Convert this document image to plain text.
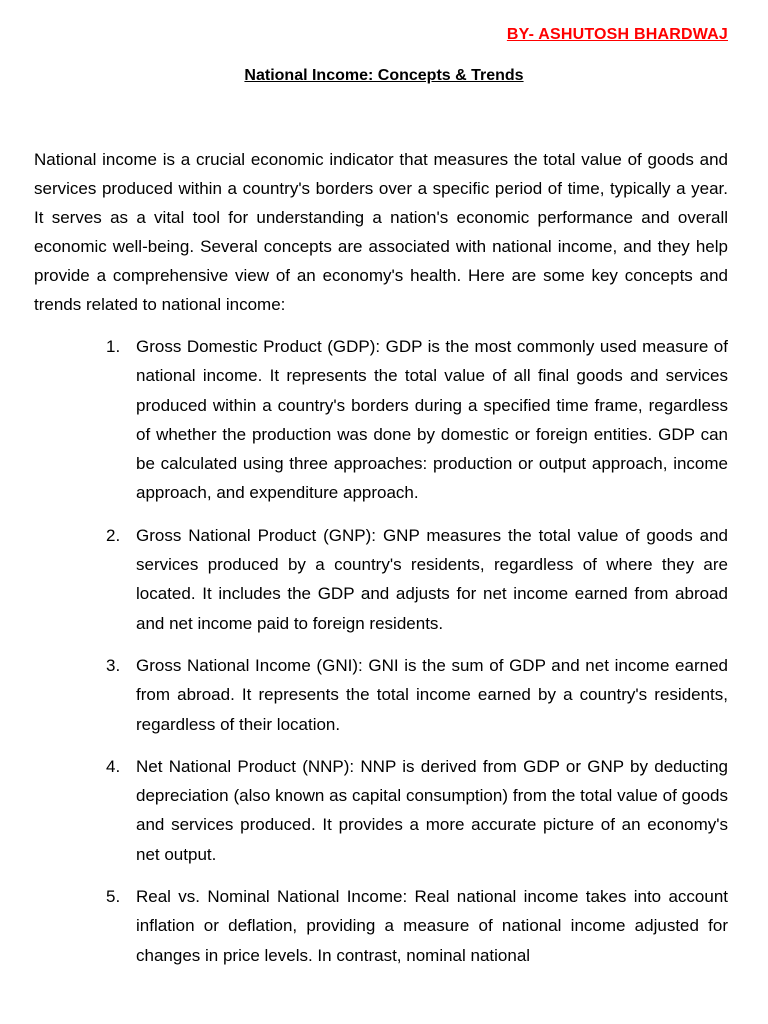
BY- ASHUTOSH BHARDWAJ
National Income: Concepts & Trends

National income is a crucial economic indicator that measures the total value of goods and services produced within a country's borders over a specific period of time, typically a year. It serves as a vital tool for understanding a nation's economic performance and overall economic well-being. Several concepts are associated with national income, and they help provide a comprehensive view of an economy's health. Here are some key concepts and trends related to national income:

1. Gross Domestic Product (GDP): GDP is the most commonly used measure of national income. It represents the total value of all final goods and services produced within a country's borders during a specified time frame, regardless of whether the production was done by domestic or foreign entities. GDP can be calculated using three approaches: production or output approach, income approach, and expenditure approach.
2. Gross National Product (GNP): GNP measures the total value of goods and services produced by a country's residents, regardless of where they are located. It includes the GDP and adjusts for net income earned from abroad and net income paid to foreign residents.
3. Gross National Income (GNI): GNI is the sum of GDP and net income earned from abroad. It represents the total income earned by a country's residents, regardless of their location.
4. Net National Product (NNP): NNP is derived from GDP or GNP by deducting depreciation (also known as capital consumption) from the total value of goods and services produced. It provides a more accurate picture of an economy's net output.
5. Real vs. Nominal National Income: Real national income takes into account inflation or deflation, providing a measure of national income adjusted for changes in price levels. In contrast, nominal national
